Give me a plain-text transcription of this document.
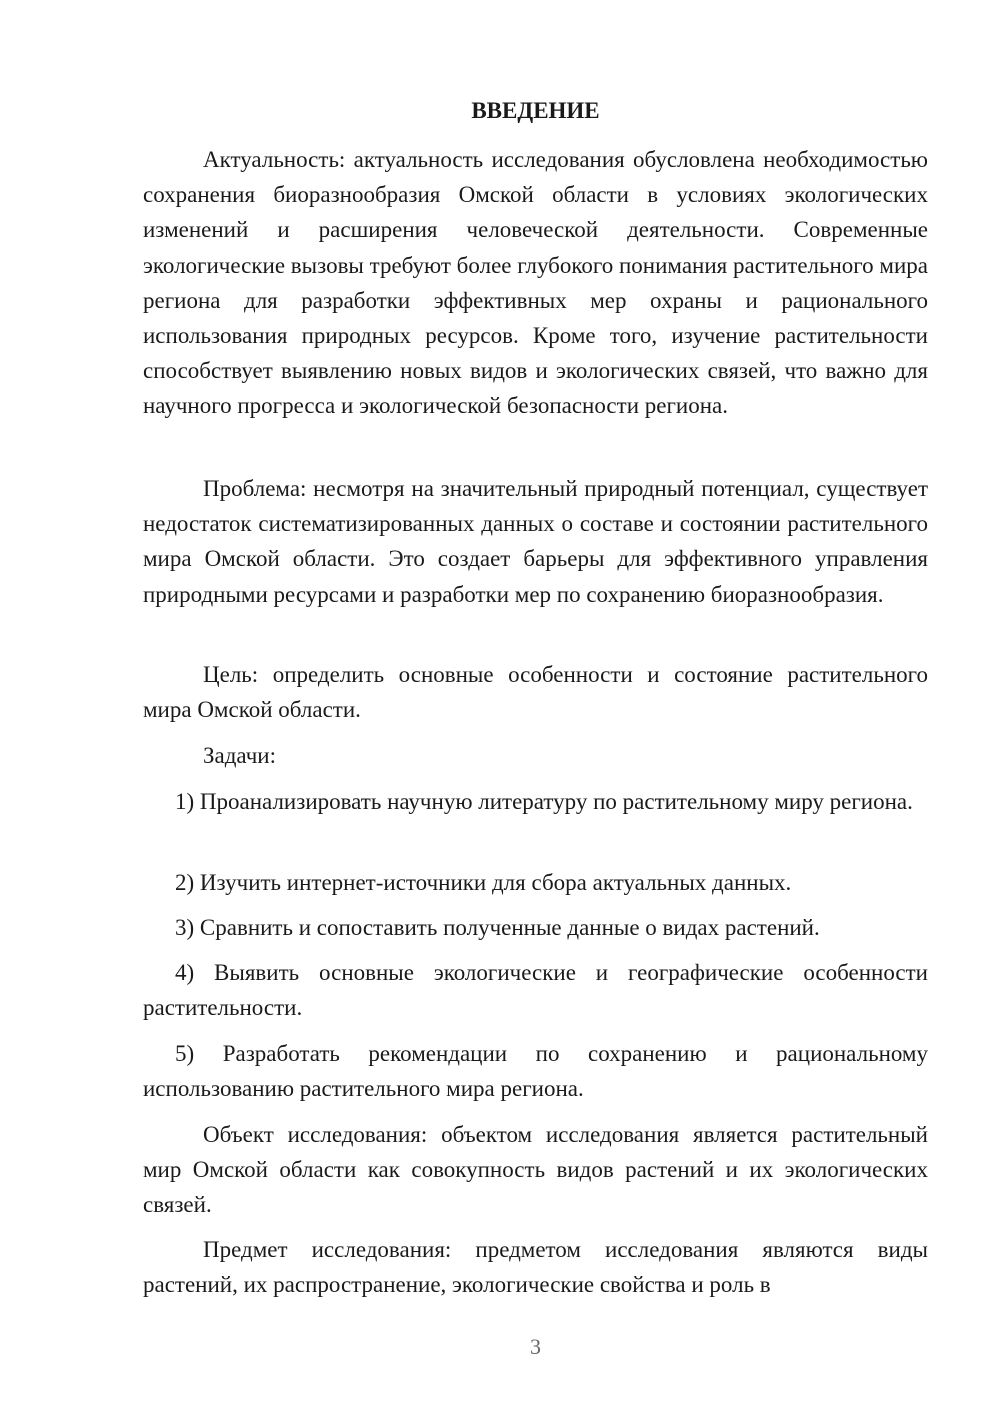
ВВЕДЕНИЕ

Актуальность: актуальность исследования обусловлена необходимостью сохранения биоразнообразия Омской области в условиях экологических изменений и расширения человеческой деятельности. Современные экологические вызовы требуют более глубокого понимания растительного мира региона для разработки эффективных мер охраны и рационального использования природных ресурсов. Кроме того, изучение растительности способствует выявлению новых видов и экологических связей, что важно для научного прогресса и экологической безопасности региона.

Проблема: несмотря на значительный природный потенциал, существует недостаток систематизированных данных о составе и состоянии растительного мира Омской области. Это создает барьеры для эффективного управления природными ресурсами и разработки мер по сохранению биоразнообразия.

Цель: определить основные особенности и состояние растительного мира Омской области.

Задачи:

1) Проанализировать научную литературу по растительному миру региона.

2) Изучить интернет-источники для сбора актуальных данных.

3) Сравнить и сопоставить полученные данные о видах растений.

4) Выявить основные экологические и географические особенности растительности.

5) Разработать рекомендации по сохранению и рациональному использованию растительного мира региона.

Объект исследования: объектом исследования является растительный мир Омской области как совокупность видов растений и их экологических связей.

Предмет исследования: предметом исследования являются виды растений, их распространение, экологические свойства и роль в

3
